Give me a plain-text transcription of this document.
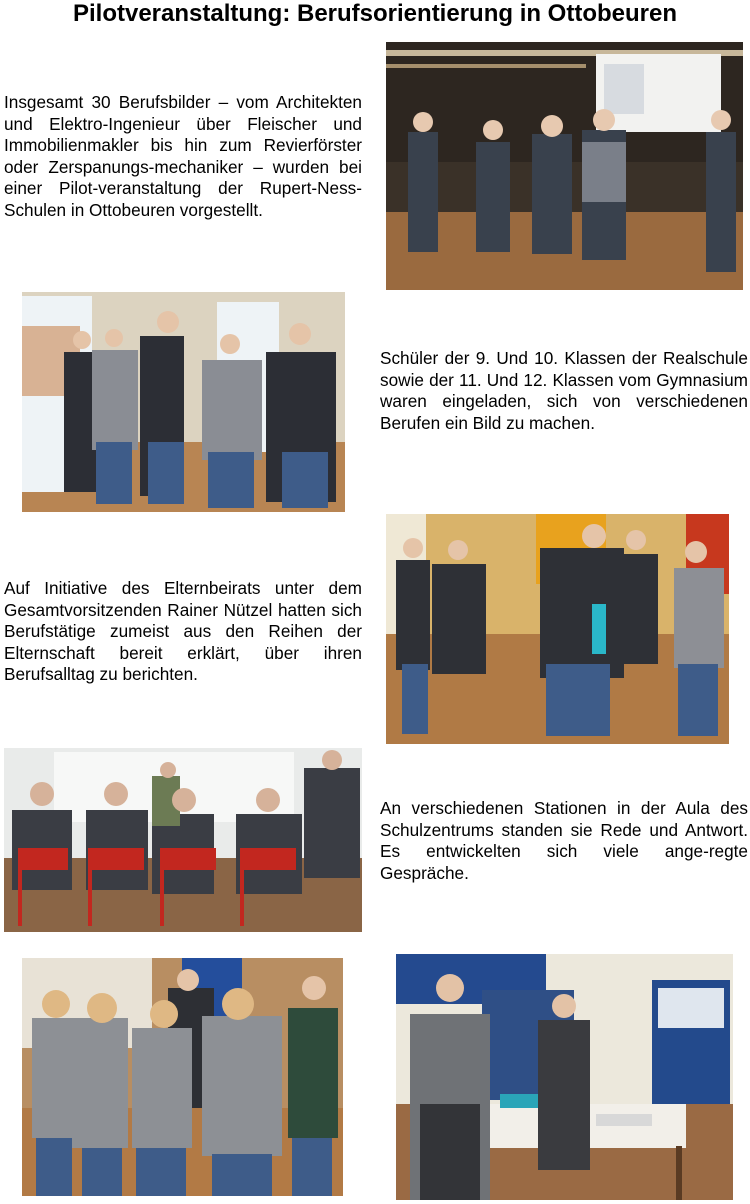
Pilotveranstaltung: Berufsorientierung in Ottobeuren

Insgesamt 30 Berufsbilder – vom Architekten und Elektro-Ingenieur über Fleischer und Immobilienmakler bis hin zum Revierförster oder Zerspanungs-mechaniker – wurden bei einer Pilot-veranstaltung der Rupert-Ness-Schulen in Ottobeuren vorgestellt.

Schüler der 9. Und 10. Klassen der Realschule sowie der 11. Und 12. Klassen vom Gymnasium waren eingeladen, sich von verschiedenen Berufen ein Bild zu machen.

Auf Initiative des Elternbeirats unter dem Gesamtvorsitzenden Rainer Nützel hatten sich Berufstätige zumeist aus den Reihen der Elternschaft bereit erklärt, über ihren Berufsalltag zu berichten.

An verschiedenen Stationen in der Aula des Schulzentrums standen sie Rede und Antwort. Es entwickelten sich viele ange-regte Gespräche.
